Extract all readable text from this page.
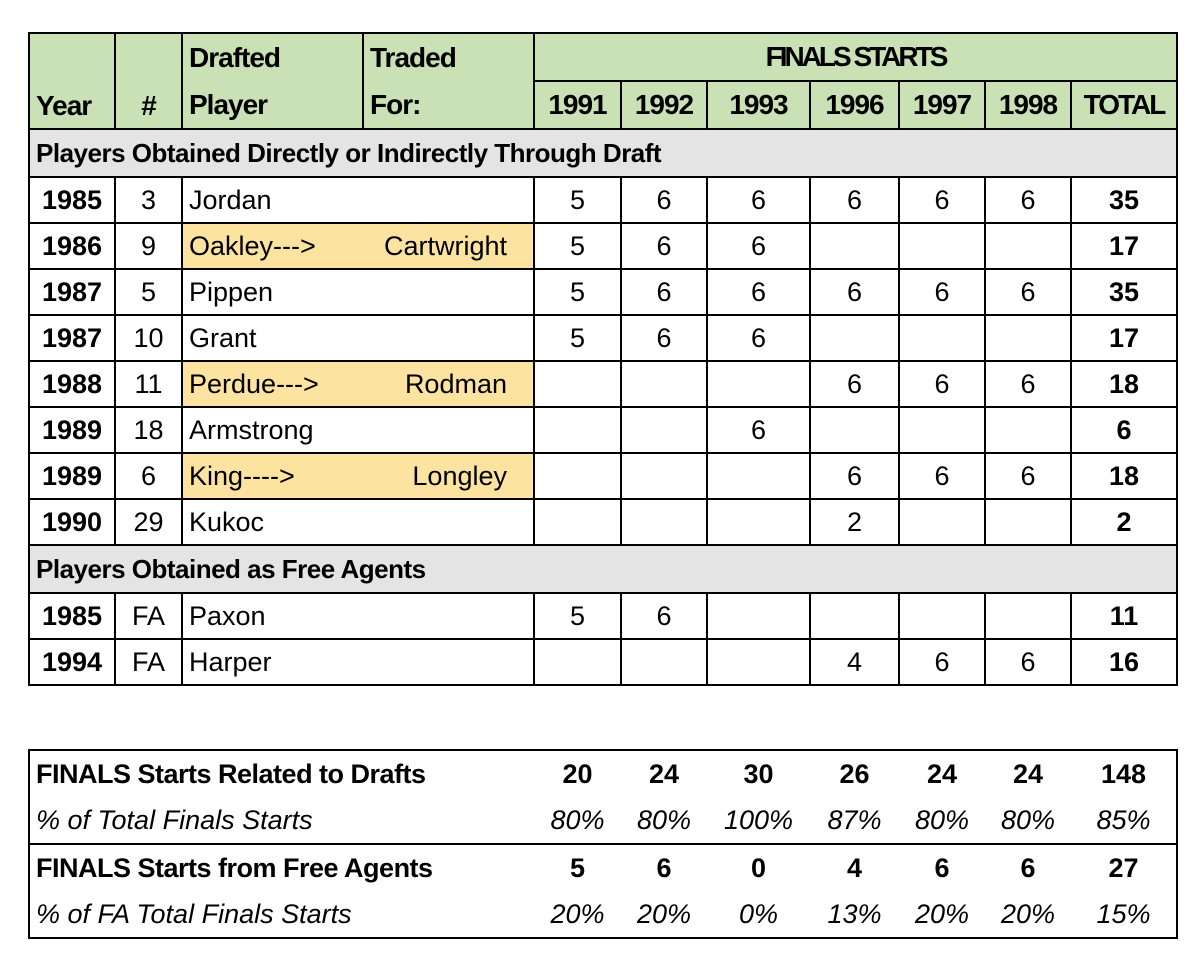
Year	#	Drafted	Traded	FINALS STARTS						
		Player	For:	1991	1992	1993	1996	1997	1998	TOTAL
Players Obtained Directly or Indirectly Through Draft										
1985	3	Jordan		5	6	6	6	6	6	35
1986	9	Oakley---> Cartwright		5	6	6				17
1987	5	Pippen		5	6	6	6	6	6	35
1987	10	Grant		5	6	6				17
1988	11	Perdue---> Rodman					6	6	6	18
1989	18	Armstrong				6				6
1989	6	King----> Longley					6	6	6	18
1990	29	Kukoc					2			2
Players Obtained as Free Agents										
1985	FA	Paxon		5	6					11
1994	FA	Harper					4	6	6	16
FINALS Starts Related to Drafts	20	24	30	26	24	24	148
% of Total Finals Starts	80%	80%	100%	87%	80%	80%	85%
FINALS Starts from Free Agents	5	6	0	4	6	6	27
% of FA Total Finals Starts	20%	20%	0%	13%	20%	20%	15%
